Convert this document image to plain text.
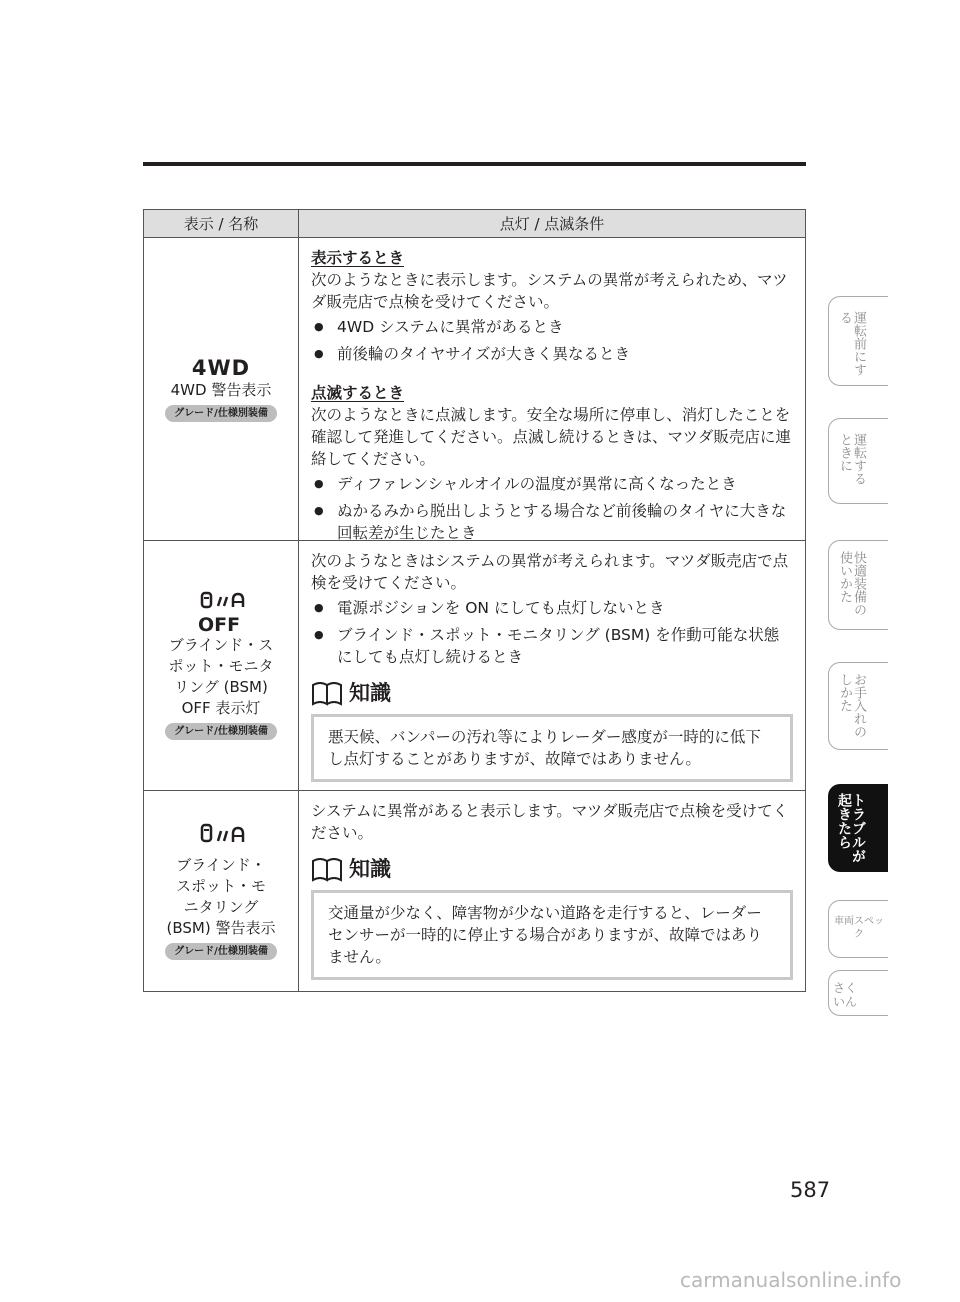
表示 / 名称	点灯 / 点滅条件
4WD
4WD 警告表示
グレード/仕様別装備
表示するとき
次のようなときに表示します。システムの異常が考えられため、マツダ販売店で点検を受けてください。
● 4WD システムに異常があるとき
● 前後輪のタイヤサイズが大きく異なるとき
点滅するとき
次のようなときに点滅します。安全な場所に停車し、消灯したことを確認して発進してください。点滅し続けるときは、マツダ販売店に連絡してください。
● ディファレンシャルオイルの温度が異常に高くなったとき
● ぬかるみから脱出しようとする場合など前後輪のタイヤに大きな回転差が生じたとき
OFF
ブラインド・ス
ポット・モニタ
リング (BSM)
OFF 表示灯
グレード/仕様別装備
次のようなときはシステムの異常が考えられます。マツダ販売店で点検を受けてください。
● 電源ポジションを ON にしても点灯しないとき
● ブラインド・スポット・モニタリング (BSM) を作動可能な状態にしても点灯し続けるとき
知識
悪天候、バンパーの汚れ等によりレーダー感度が一時的に低下し点灯することがありますが、故障ではありません。
ブラインド・
スポット・モ
ニタリング
(BSM) 警告表示
グレード/仕様別装備
システムに異常があると表示します。マツダ販売店で点検を受けてください。
知識
交通量が少なく、障害物が少ない道路を走行すると、レーダーセンサーが一時的に停止する場合がありますが、故障ではありません。
運転前にする
運転するときに
快適装備の使いかた
お手入れのしかた
トラブルが起きたら
車両スペック
さくいん
587
carmanualsonline.info
